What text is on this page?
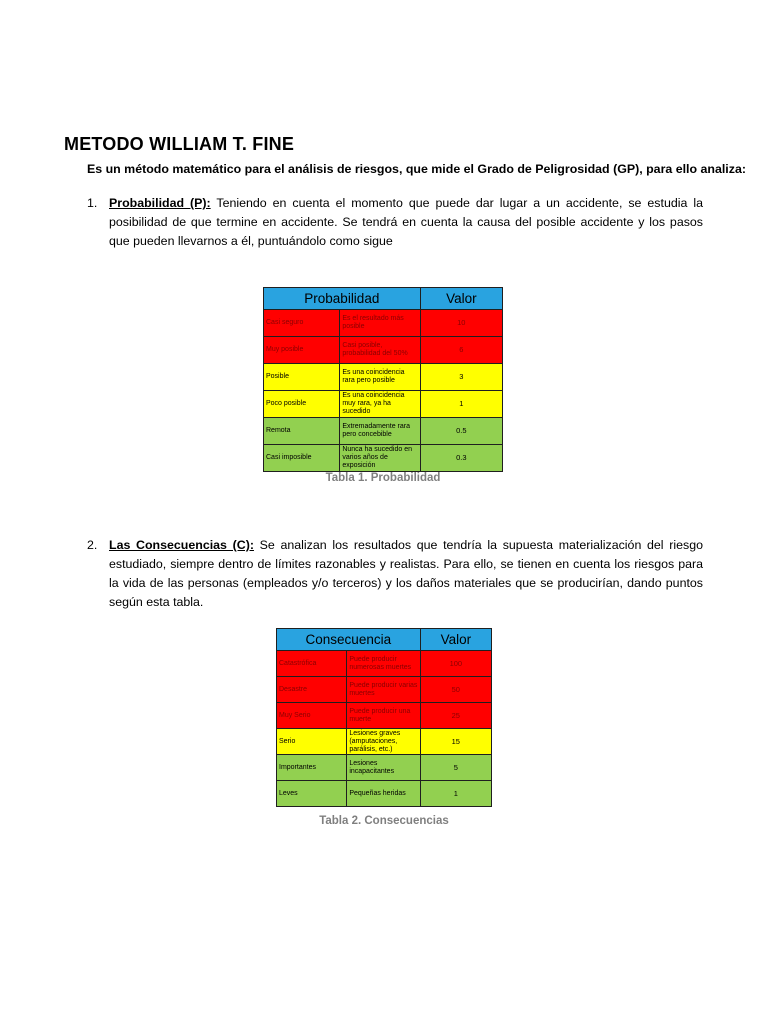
METODO WILLIAM T. FINE
Es un método matemático para el análisis de riesgos, que mide el Grado de Peligrosidad (GP), para ello analiza:
1. Probabilidad (P): Teniendo en cuenta el momento que puede dar lugar a un accidente, se estudia la posibilidad de que termine en accidente. Se tendrá en cuenta la causa del posible accidente y los pasos que pueden llevarnos a él, puntuándolo como sigue
Probabilidad		Valor
Casi seguro	Es el resultado más posible	10
Muy posible	Casi posible, probabilidad del 50%	6
Posible	Es una coincidencia rara pero posible	3
Poco posible	Es una coincidencia muy rara, ya ha sucedido	1
Remota	Extremadamente rara pero concebible	0.5
Casi imposible	Nunca ha sucedido en varios años de exposición	0.3
Tabla 1. Probabilidad
2. Las Consecuencias (C): Se analizan los resultados que tendría la supuesta materialización del riesgo estudiado, siempre dentro de límites razonables y realistas. Para ello, se tienen en cuenta los riesgos para la vida de las personas (empleados y/o terceros) y los daños materiales que se producirían, dando puntos según esta tabla.
Consecuencia		Valor
Catastrófica	Puede producir numerosas muertes	100
Desastre	Puede producir varias muertes	50
Muy Serio	Puede producir una muerte	25
Serio	Lesiones graves (amputaciones, parálisis, etc.)	15
Importantes	Lesiones incapacitantes	5
Leves	Pequeñas heridas	1
Tabla 2. Consecuencias
